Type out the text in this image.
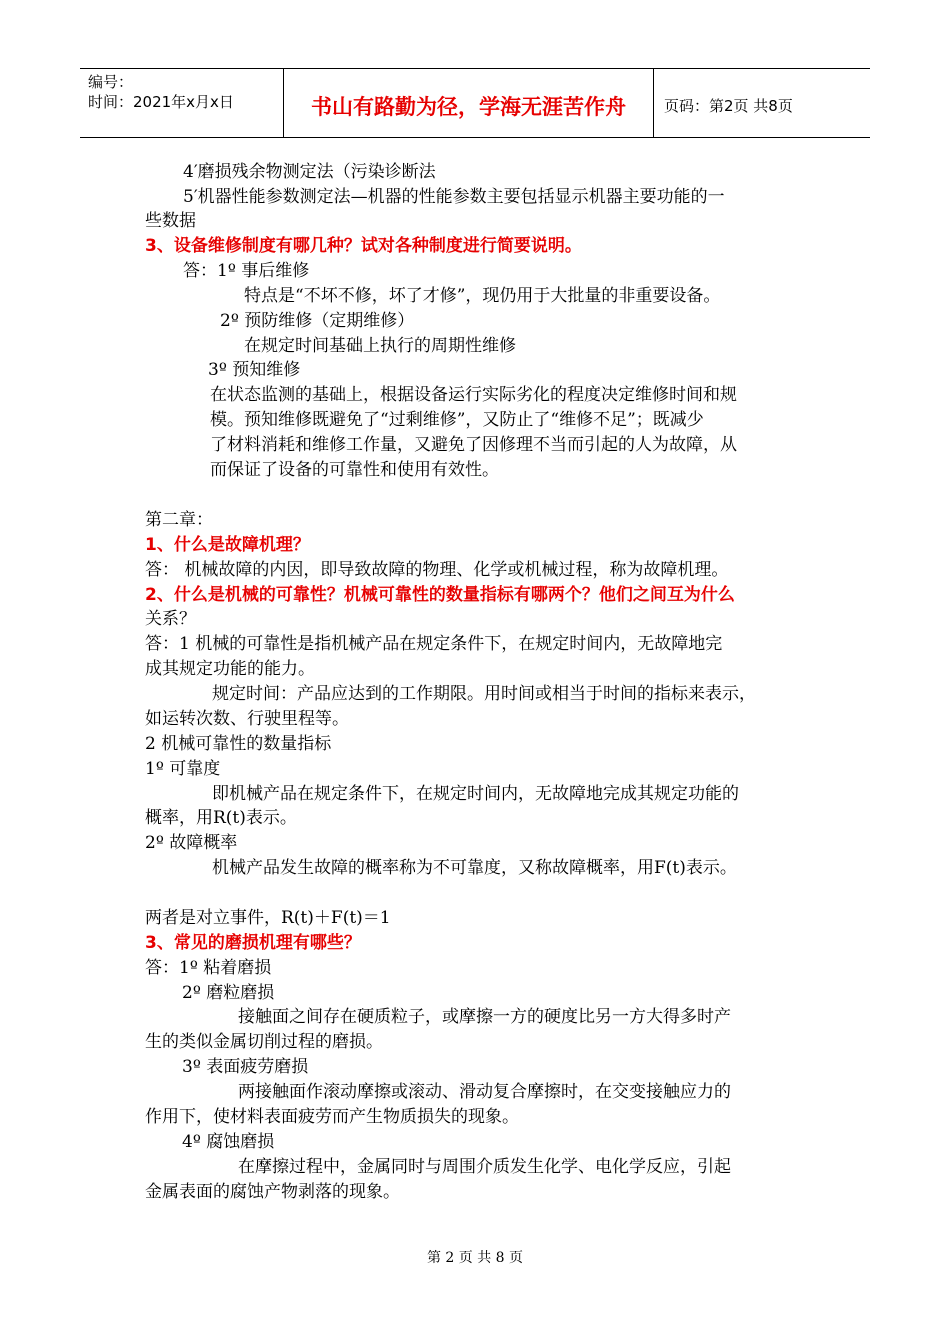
编号：
时间：2021年x月x日	书山有路勤为径，学海无涯苦作舟	页码：第2页 共8页
4′磨损残余物测定法（污染诊断法
5′机器性能参数测定法—机器的性能参数主要包括显示机器主要功能的一
些数据
3、设备维修制度有哪几种？试对各种制度进行简要说明。
答：1º 事后维修
特点是“不坏不修，坏了才修”，现仍用于大批量的非重要设备。
2º 预防维修（定期维修）
在规定时间基础上执行的周期性维修
3º 预知维修
在状态监测的基础上，根据设备运行实际劣化的程度决定维修时间和规
模。预知维修既避免了“过剩维修”，又防止了“维修不足”；既减少
了材料消耗和维修工作量，又避免了因修理不当而引起的人为故障，从
而保证了设备的可靠性和使用有效性。
第二章：
1、什么是故障机理？
答： 机械故障的内因，即导致故障的物理、化学或机械过程，称为故障机理。
2、什么是机械的可靠性？机械可靠性的数量指标有哪两个？他们之间互为什么
关系？
答：1 机械的可靠性是指机械产品在规定条件下，在规定时间内，无故障地完
成其规定功能的能力。
规定时间：产品应达到的工作期限。用时间或相当于时间的指标来表示，
如运转次数、行驶里程等。
2 机械可靠性的数量指标
1º 可靠度
即机械产品在规定条件下，在规定时间内，无故障地完成其规定功能的
概率，用R(t)表示。
2º 故障概率
机械产品发生故障的概率称为不可靠度，又称故障概率，用F(t)表示。
两者是对立事件，R(t)＋F(t)＝1
3、常见的磨损机理有哪些？
答：1º 粘着磨损
2º 磨粒磨损
接触面之间存在硬质粒子，或摩擦一方的硬度比另一方大得多时产
生的类似金属切削过程的磨损。
3º 表面疲劳磨损
两接触面作滚动摩擦或滚动、滑动复合摩擦时，在交变接触应力的
作用下，使材料表面疲劳而产生物质损失的现象。
4º 腐蚀磨损
在摩擦过程中，金属同时与周围介质发生化学、电化学反应，引起
金属表面的腐蚀产物剥落的现象。
第 2 页 共 8 页
